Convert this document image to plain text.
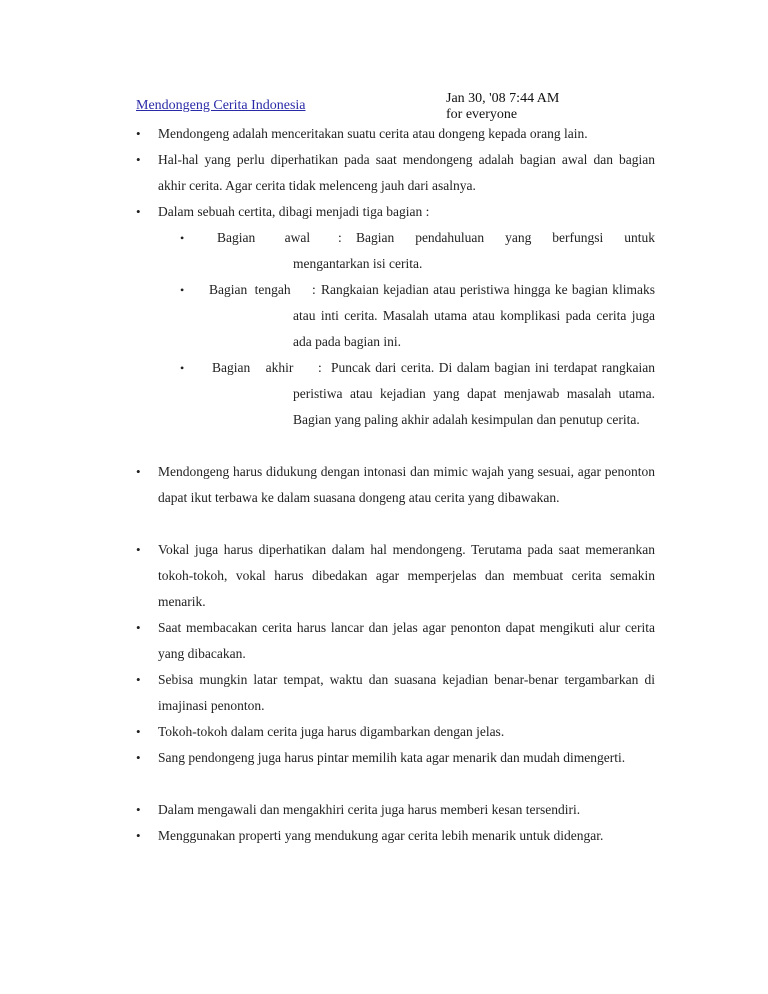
Mendongeng Cerita Indonesia	Jan 30, '08 7:44 AM
for everyone
• Mendongeng adalah menceritakan suatu cerita atau dongeng kepada orang lain.
• Hal-hal yang perlu diperhatikan pada saat mendongeng adalah bagian awal dan bagian akhir cerita. Agar cerita tidak melenceng jauh dari asalnya.
• Dalam sebuah certita, dibagi menjadi tiga bagian :
• Bagian awal :	Bagian pendahuluan yang berfungsi untuk mengantarkan isi cerita.
• Bagian tengah : Rangkaian kejadian atau peristiwa hingga ke bagian klimaks atau inti cerita. Masalah utama atau komplikasi pada cerita juga ada pada bagian ini.
• Bagian akhir : Puncak dari cerita. Di dalam bagian ini terdapat rangkaian peristiwa atau kejadian yang dapat menjawab masalah utama. Bagian yang paling akhir adalah kesimpulan dan penutup cerita.
• Mendongeng harus didukung dengan intonasi dan mimic wajah yang sesuai, agar penonton dapat ikut terbawa ke dalam suasana dongeng atau cerita yang dibawakan.
• Vokal juga harus diperhatikan dalam hal mendongeng. Terutama pada saat memerankan tokoh-tokoh, vokal harus dibedakan agar memperjelas dan membuat cerita semakin menarik.
• Saat membacakan cerita harus lancar dan jelas agar penonton dapat mengikuti alur cerita yang dibacakan.
• Sebisa mungkin latar tempat, waktu dan suasana kejadian benar-benar tergambarkan di imajinasi penonton.
• Tokoh-tokoh dalam cerita juga harus digambarkan dengan jelas.
• Sang pendongeng juga harus pintar memilih kata agar menarik dan mudah dimengerti.
• Dalam mengawali dan mengakhiri cerita juga harus memberi kesan tersendiri.
• Menggunakan properti yang mendukung agar cerita lebih menarik untuk didengar.
